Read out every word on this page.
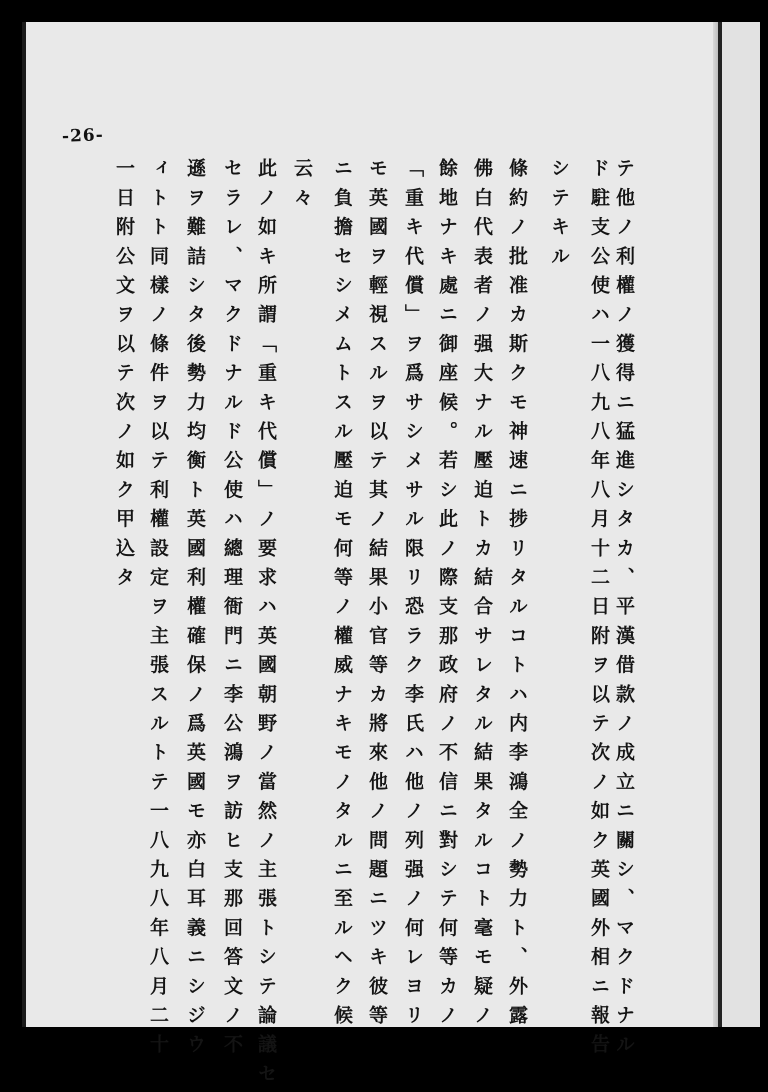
-26-
テ他ノ利權ノ獲得ニ猛進シタカ、平漢借款ノ成立ニ關シ、マクドナル
ド駐支公使ハ一八九八年八月十二日附ヲ以テ次ノ如ク英國外相ニ報告
シテキル
條約ノ批准カ斯クモ神速ニ捗リタルコトハ内李鴻全ノ勢力ト、外露
佛白代表者ノ强大ナル壓迫トカ結合サレタル結果タルコト毫モ疑ノ
餘地ナキ處ニ御座候。若シ此ノ際支那政府ノ不信ニ對シテ何等カノ
「重キ代償」ヲ爲サシメサル限リ恐ラク李氏ハ他ノ列强ノ何レヨリ
モ英國ヲ輕視スルヲ以テ其ノ結果小官等カ將來他ノ問題ニツキ彼等
ニ負擔セシメムトスル壓迫モ何等ノ權威ナキモノタルニ至ルヘク候
云々
此ノ如キ所謂「重キ代償」ノ要求ハ英國朝野ノ當然ノ主張トシテ論議セ
セラレ、マクドナルド公使ハ總理衙門ニ李公鴻ヲ訪ヒ支那回答文ノ不
遜ヲ難詰シタ後勢力均衡ト英國利權確保ノ爲英國モ亦白耳義ニシジウ
ィトト同樣ノ條件ヲ以テ利權設定ヲ主張スルトテ一八九八年八月二十
一日附公文ヲ以テ次ノ如ク甲込タ
